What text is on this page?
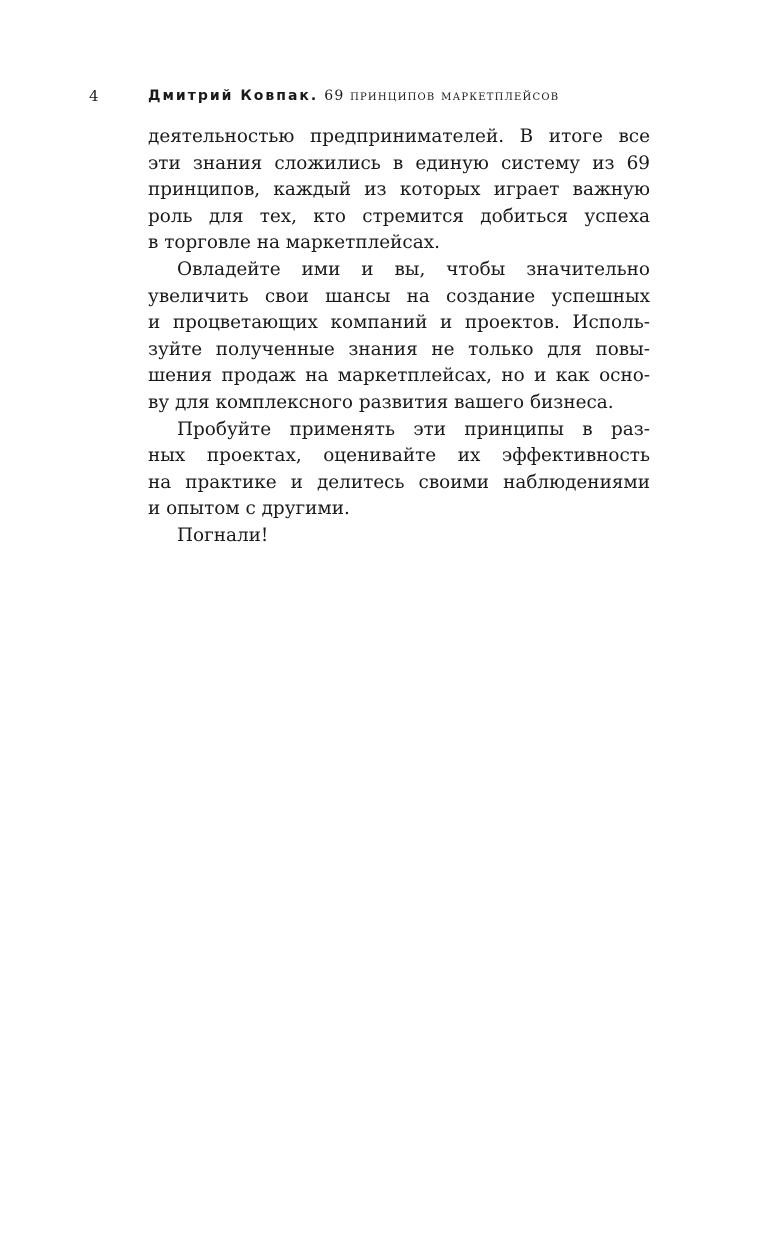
4	Дмитрий Ковпак. 69 принципов маркетплейсов
деятельностью предпринимателей. В итоге все
эти знания сложились в единую систему из 69
принципов, каждый из которых играет важную
роль для тех, кто стремится добиться успеха
в торговле на маркетплейсах.
Овладейте ими и вы, чтобы значительно
увеличить свои шансы на создание успешных
и процветающих компаний и проектов. Исполь-
зуйте полученные знания не только для повы-
шения продаж на маркетплейсах, но и как осно-
ву для комплексного развития вашего бизнеса.
Пробуйте применять эти принципы в раз-
ных проектах, оценивайте их эффективность
на практике и делитесь своими наблюдениями
и опытом с другими.
Погнали!
